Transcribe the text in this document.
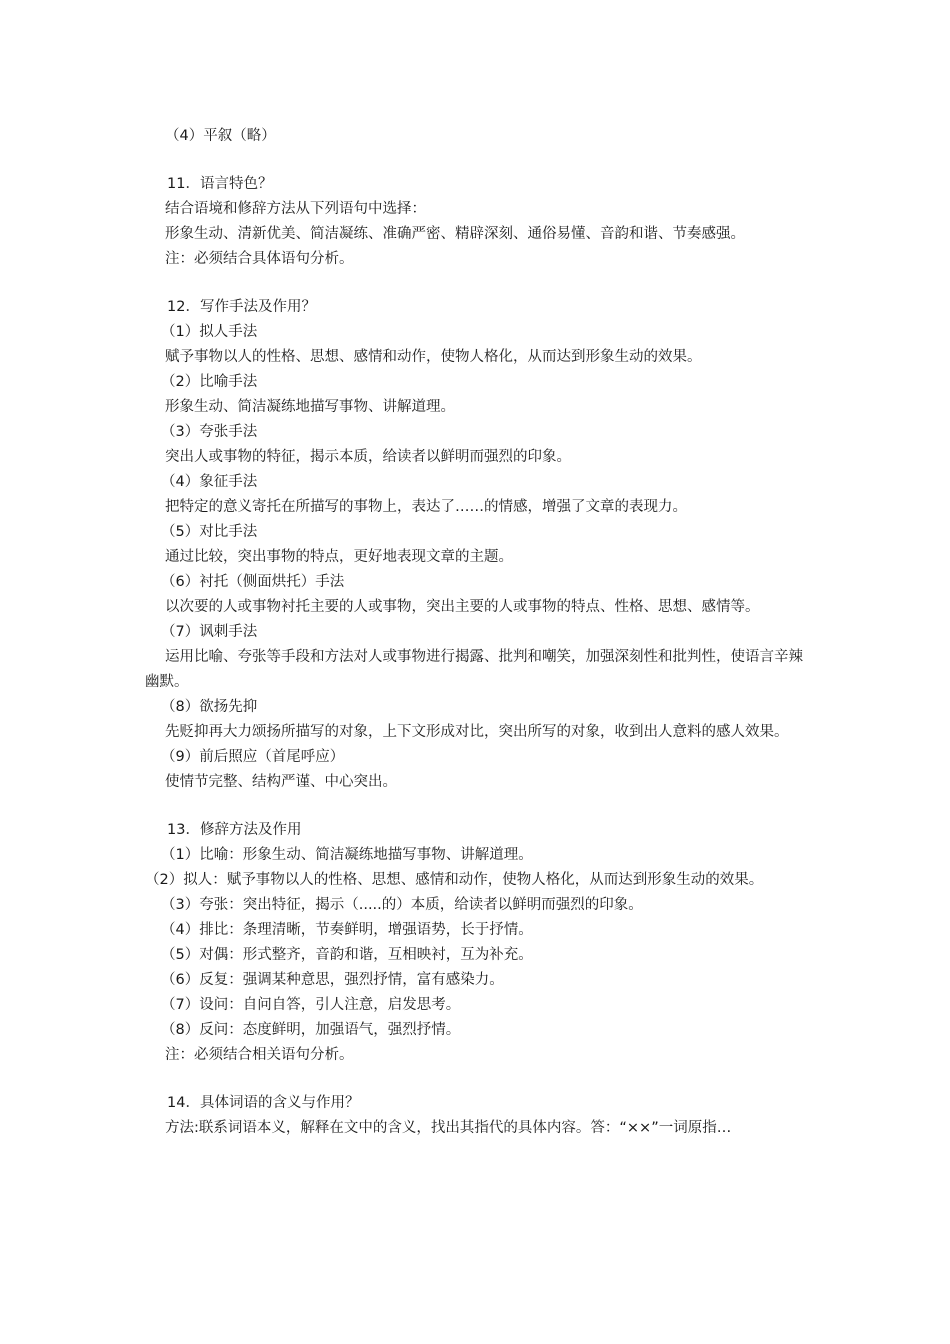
（4）平叙（略）
11．语言特色？
结合语境和修辞方法从下列语句中选择：
形象生动、清新优美、简洁凝练、准确严密、精辟深刻、通俗易懂、音韵和谐、节奏感强。
注：必须结合具体语句分析。
12．写作手法及作用？
（1）拟人手法
赋予事物以人的性格、思想、感情和动作，使物人格化，从而达到形象生动的效果。
（2）比喻手法
形象生动、简洁凝练地描写事物、讲解道理。
（3）夸张手法
突出人或事物的特征，揭示本质，给读者以鲜明而强烈的印象。
（4）象征手法
把特定的意义寄托在所描写的事物上，表达了……的情感，增强了文章的表现力。
（5）对比手法
通过比较，突出事物的特点，更好地表现文章的主题。
（6）衬托（侧面烘托）手法
以次要的人或事物衬托主要的人或事物，突出主要的人或事物的特点、性格、思想、感情等。
（7）讽刺手法
运用比喻、夸张等手段和方法对人或事物进行揭露、批判和嘲笑，加强深刻性和批判性，使语言辛辣幽默。
（8）欲扬先抑
先贬抑再大力颂扬所描写的对象，上下文形成对比，突出所写的对象，收到出人意料的感人效果。
（9）前后照应（首尾呼应）
使情节完整、结构严谨、中心突出。
13．修辞方法及作用
（1）比喻：形象生动、简洁凝练地描写事物、讲解道理。
（2）拟人：赋予事物以人的性格、思想、感情和动作，使物人格化，从而达到形象生动的效果。
（3）夸张：突出特征，揭示（.....的）本质，给读者以鲜明而强烈的印象。
（4）排比：条理清晰，节奏鲜明，增强语势，长于抒情。
（5）对偶：形式整齐，音韵和谐，互相映衬，互为补充。
（6）反复：强调某种意思，强烈抒情，富有感染力。
（7）设问：自问自答，引人注意，启发思考。
（8）反问：态度鲜明，加强语气，强烈抒情。
注：必须结合相关语句分析。
14．具体词语的含义与作用？
方法:联系词语本义，解释在文中的含义，找出其指代的具体内容。答：“××”一词原指…
